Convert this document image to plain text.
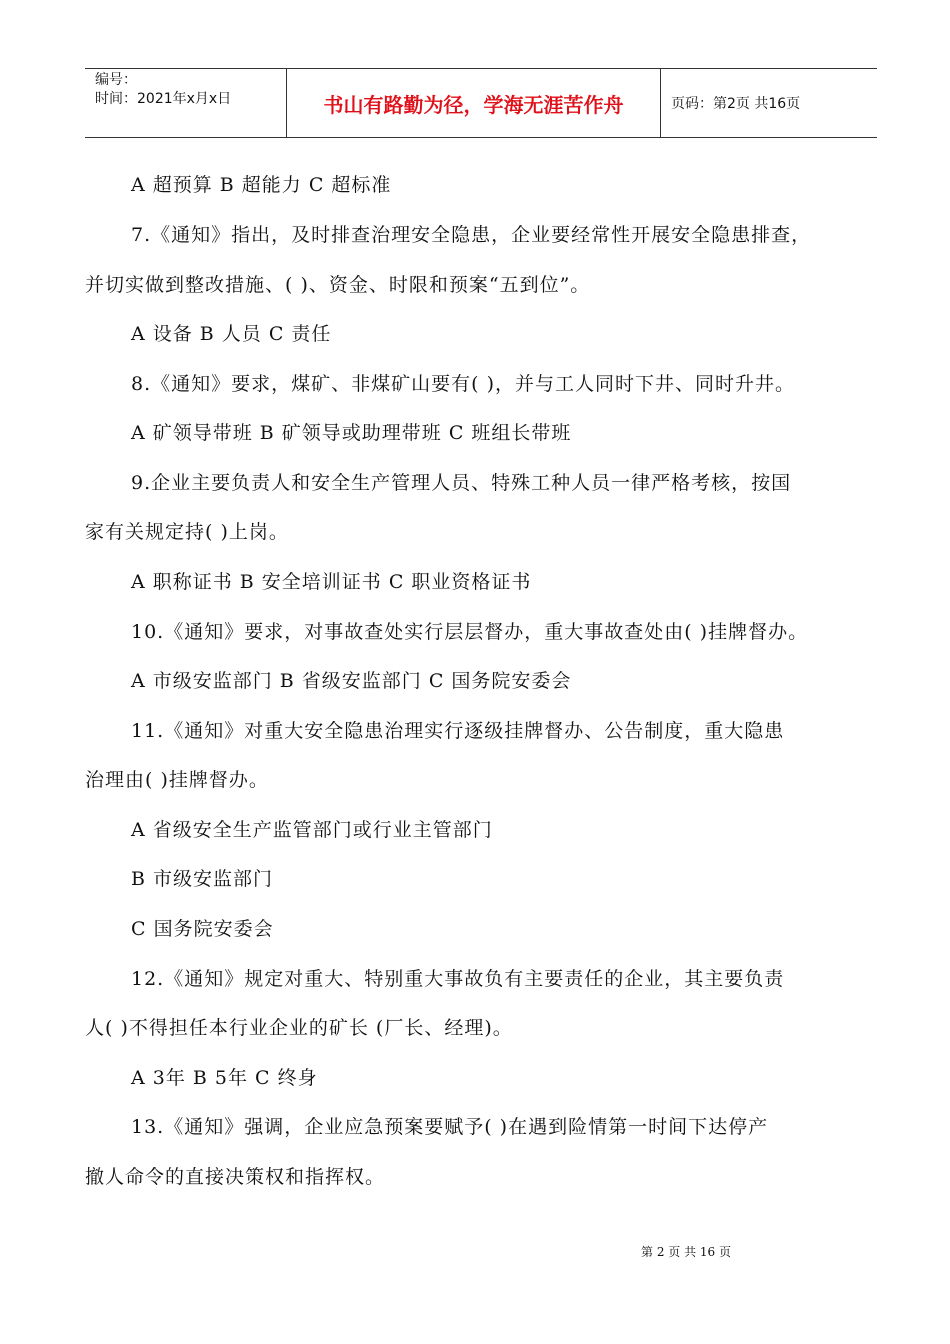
编号：
时间：2021年x月x日	书山有路勤为径，学海无涯苦作舟	页码：第2页 共16页
A 超预算 B 超能力 C 超标准
7.《通知》指出，及时排查治理安全隐患，企业要经常性开展安全隐患排查，
并切实做到整改措施、( )、资金、时限和预案“五到位”。
A 设备 B 人员 C 责任
8.《通知》要求，煤矿、非煤矿山要有( )，并与工人同时下井、同时升井。
A 矿领导带班 B 矿领导或助理带班 C 班组长带班
9.企业主要负责人和安全生产管理人员、特殊工种人员一律严格考核，按国
家有关规定持( )上岗。
A 职称证书 B 安全培训证书 C 职业资格证书
10.《通知》要求，对事故查处实行层层督办，重大事故查处由( )挂牌督办。
A 市级安监部门 B 省级安监部门 C 国务院安委会
11.《通知》对重大安全隐患治理实行逐级挂牌督办、公告制度，重大隐患
治理由( )挂牌督办。
A 省级安全生产监管部门或行业主管部门
B 市级安监部门
C 国务院安委会
12.《通知》规定对重大、特别重大事故负有主要责任的企业，其主要负责
人( )不得担任本行业企业的矿长 (厂长、经理)。
A 3年 B 5年 C 终身
13.《通知》强调，企业应急预案要赋予( )在遇到险情第一时间下达停产
撤人命令的直接决策权和指挥权。
第 2 页 共 16 页
